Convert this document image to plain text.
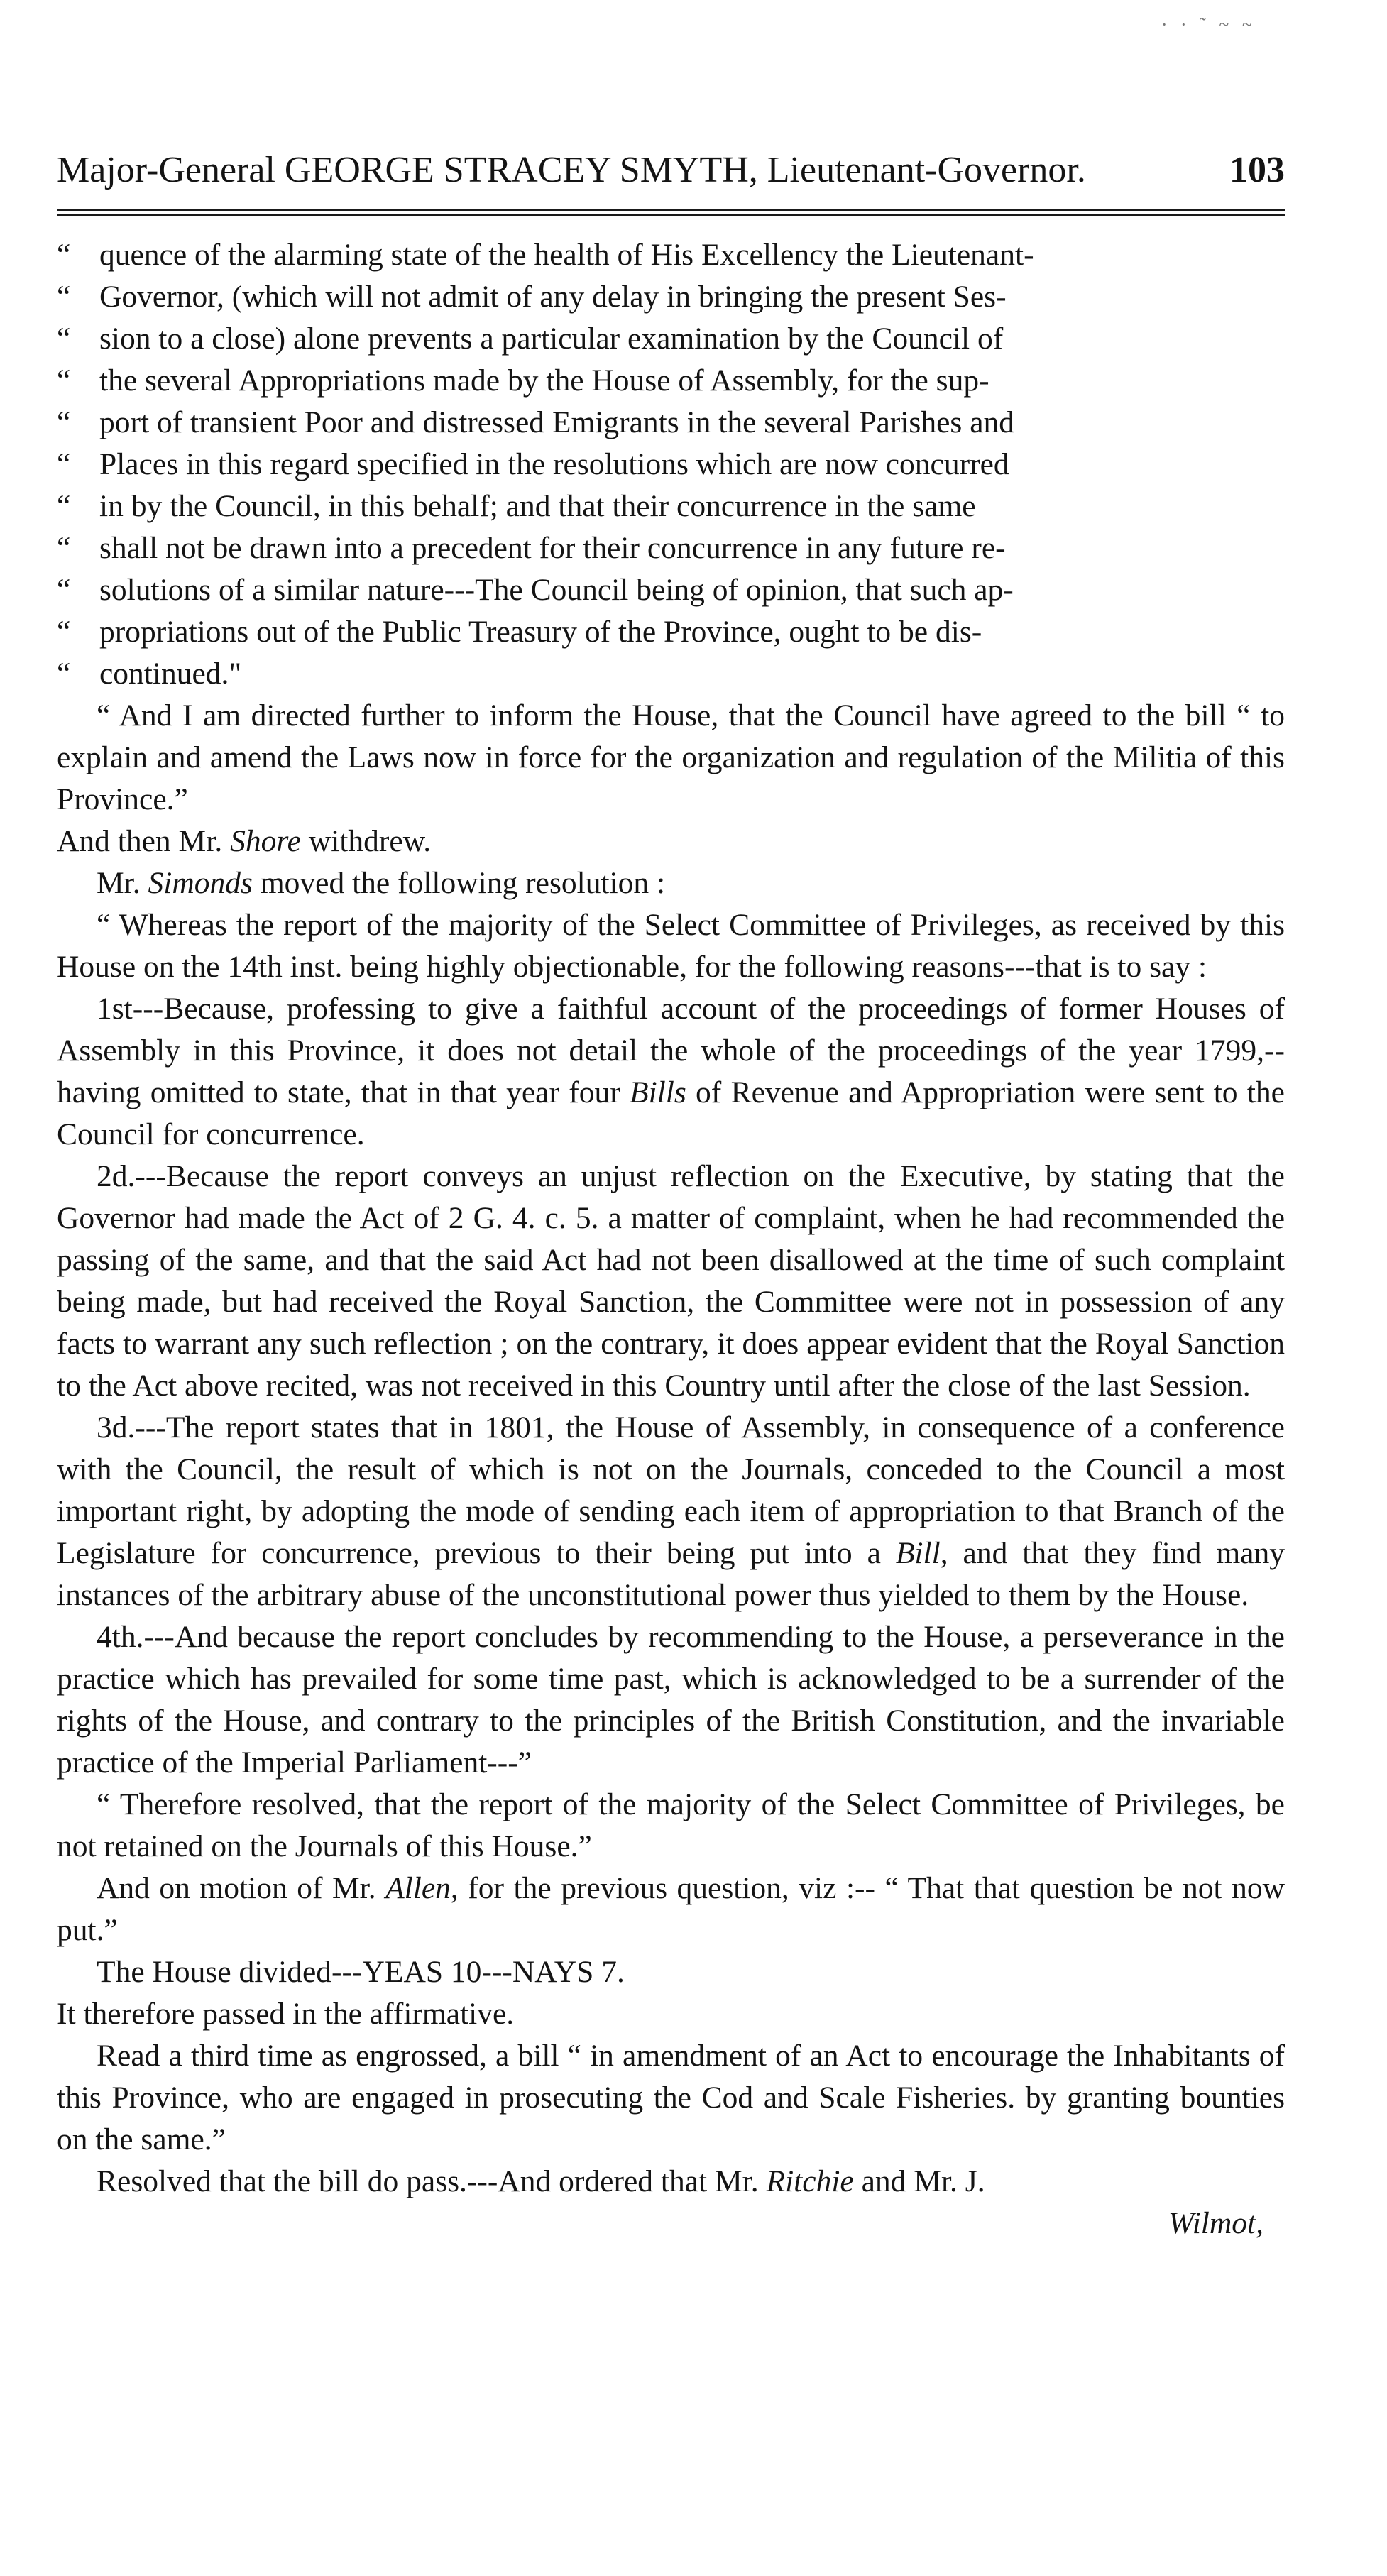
· · ˜ ~ ~
Major-General GEORGE STRACEY SMYTH, Lieutenant-Governor.	103
“ quence of the alarming state of the health of His Excellency the Lieutenant-
“ Governor, (which will not admit of any delay in bringing the present Ses-
“ sion to a close) alone prevents a particular examination by the Council of
“ the several Appropriations made by the House of Assembly, for the sup-
“ port of transient Poor and distressed Emigrants in the several Parishes and
“ Places in this regard specified in the resolutions which are now concurred
“ in by the Council, in this behalf; and that their concurrence in the same
“ shall not be drawn into a precedent for their concurrence in any future re-
“ solutions of a similar nature---The Council being of opinion, that such ap-
“ propriations out of the Public Treasury of the Province, ought to be dis-
“ continued."

“ And I am directed further to inform the House, that the Council have agreed to the bill “ to explain and amend the Laws now in force for the organization and regulation of the Militia of this Province.”

And then Mr. Shore withdrew.

Mr. Simonds moved the following resolution :

“ Whereas the report of the majority of the Select Committee of Privileges, as received by this House on the 14th inst. being highly objectionable, for the following reasons---that is to say :

1st---Because, professing to give a faithful account of the proceedings of former Houses of Assembly in this Province, it does not detail the whole of the proceedings of the year 1799,--having omitted to state, that in that year four Bills of Revenue and Appropriation were sent to the Council for concurrence.

2d.---Because the report conveys an unjust reflection on the Executive, by stating that the Governor had made the Act of 2 G. 4. c. 5. a matter of complaint, when he had recommended the passing of the same, and that the said Act had not been disallowed at the time of such complaint being made, but had received the Royal Sanction, the Committee were not in possession of any facts to warrant any such reflection ; on the contrary, it does appear evident that the Royal Sanction to the Act above recited, was not received in this Country until after the close of the last Session.

3d.---The report states that in 1801, the House of Assembly, in consequence of a conference with the Council, the result of which is not on the Journals, conceded to the Council a most important right, by adopting the mode of sending each item of appropriation to that Branch of the Legislature for concurrence, previous to their being put into a Bill, and that they find many instances of the arbitrary abuse of the unconstitutional power thus yielded to them by the House.

4th.---And because the report concludes by recommending to the House, a perseverance in the practice which has prevailed for some time past, which is acknowledged to be a surrender of the rights of the House, and contrary to the principles of the British Constitution, and the invariable practice of the Imperial Parliament---”

“ Therefore resolved, that the report of the majority of the Select Committee of Privileges, be not retained on the Journals of this House.”

And on motion of Mr. Allen, for the previous question, viz :-- “ That that question be not now put.”

The House divided---YEAS 10---NAYS 7.

It therefore passed in the affirmative.

Read a third time as engrossed, a bill “ in amendment of an Act to encourage the Inhabitants of this Province, who are engaged in prosecuting the Cod and Scale Fisheries. by granting bounties on the same.”

Resolved that the bill do pass.---And ordered that Mr. Ritchie and Mr. J.

Wilmot,
